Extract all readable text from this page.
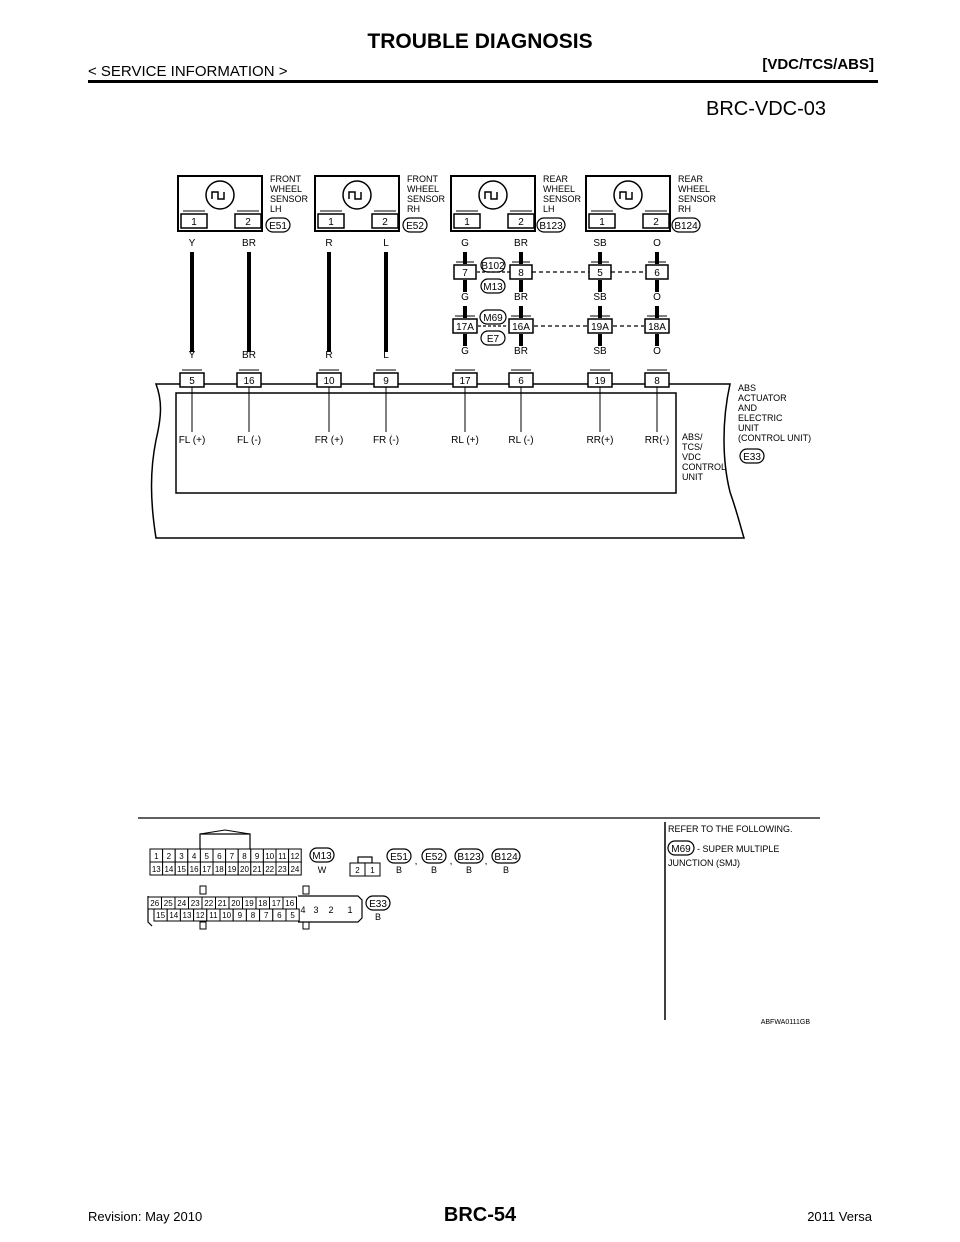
TROUBLE DIAGNOSIS
< SERVICE INFORMATION >	[VDC/TCS/ABS]
BRC-VDC-03
FRONT
WHEEL
SENSOR
LH
1	2 E51
Y	BR
FRONT
WHEEL
SENSOR
RH
1	2 E52
R	L
REAR
WHEEL
SENSOR
LH
1	2 B123
G	BR
REAR
WHEEL
SENSOR
RH
1	2 B124
SB	O
7	8	5	6
B102
M13
G	BR	SB	O
17A	16A	19A	18A
M69
E7
G	BR	SB	O
Y	BR	R	L
5	16	10	9	17	6	19	8
FL (+)	FL (-)	FR (+)	FR (-)	RL (+)	RL (-)	RR(+)	RR(-) ABS/
TCS/
VDC
CONTROL
UNIT
ABS
ACTUATOR
AND
ELECTRIC
UNIT
(CONTROL UNIT)
E33
1 2 3 4 5 6 7 8 9 10 11 12
13 14 15 16 17 18 19 20 21 22 23 24
M13
W	2 1
E51
B
, E52
B
, B123
B
, B124
B
26 25 24 23 22 21 20 19 18 17 16
15 14 13 12 11 10 9 8 7 6 5
4 3 2 1 E33
B
REFER TO THE FOLLOWING.
M69 - SUPER MULTIPLE
JUNCTION (SMJ)
ABFWA0111GB
Revision: May 2010	BRC-54	2011 Versa
